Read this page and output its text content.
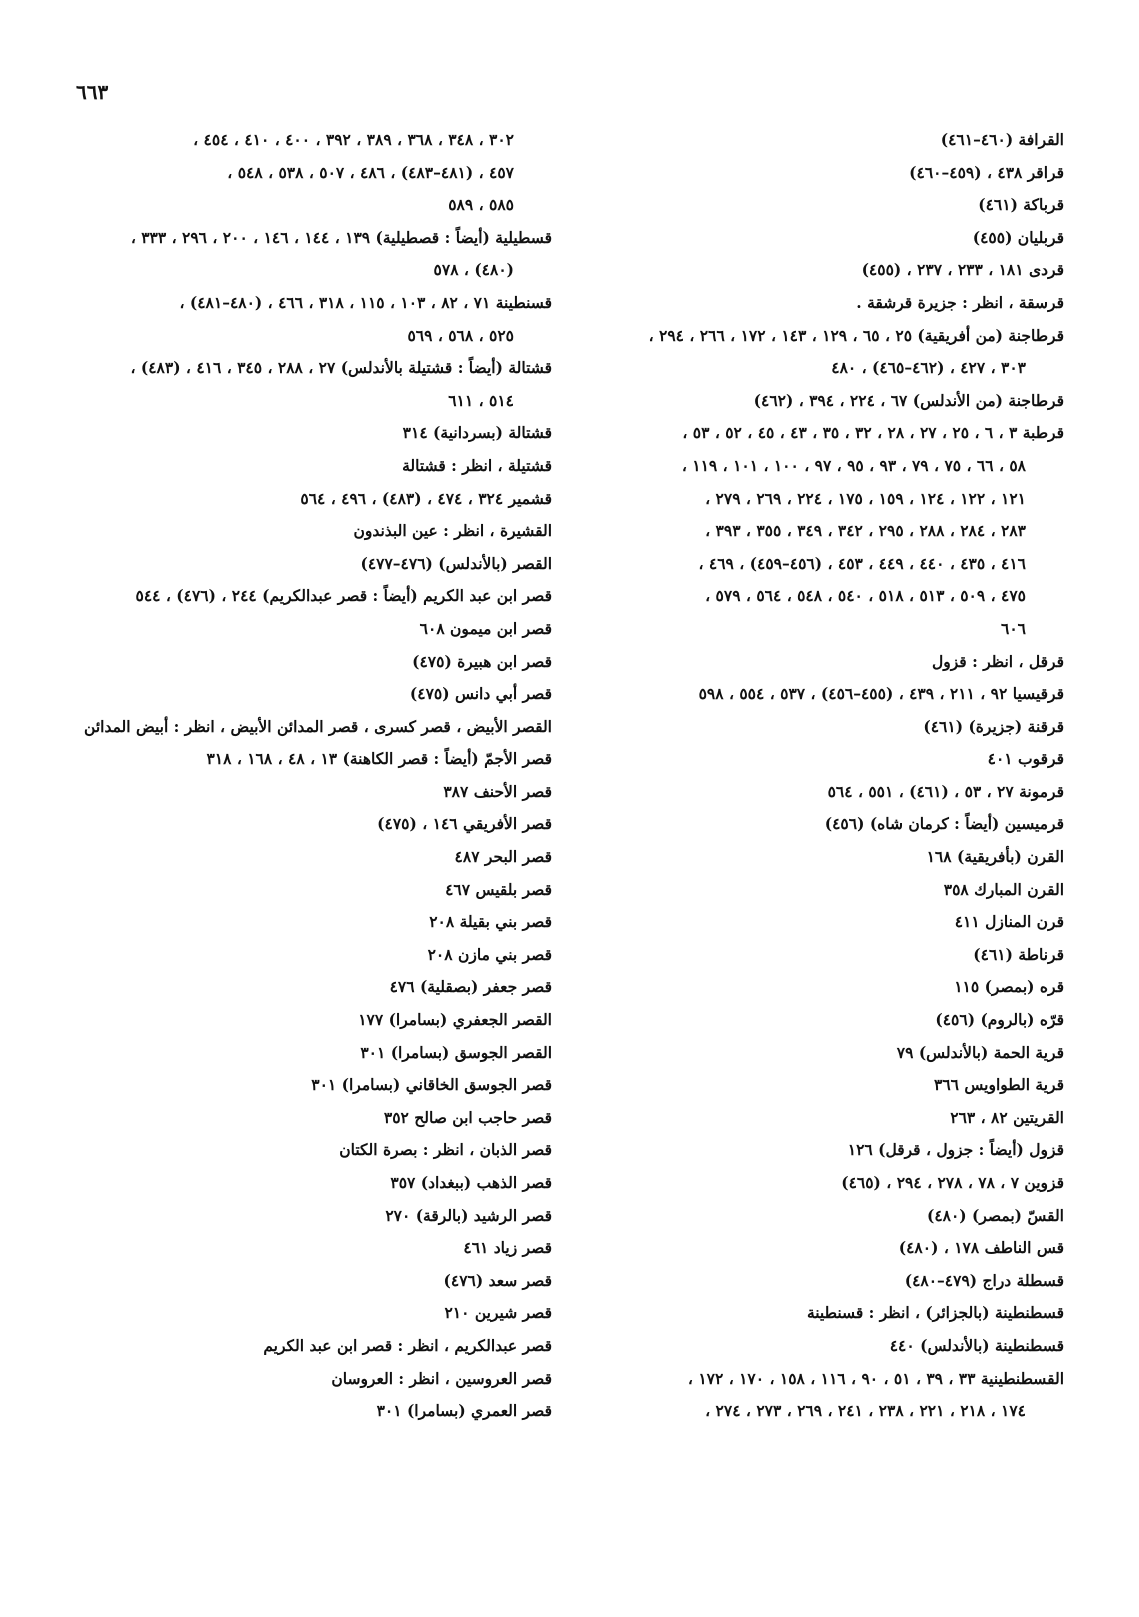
٦٦٣
القرافة (٤٦٠–٤٦١)
قراقر ٤٣٨ ، (٤٥٩–٤٦٠)
قرباكة (٤٦١)
قربليان (٤٥٥)
قردى ١٨١ ، ٢٣٣ ، ٢٣٧ ، (٤٥٥)
قرسقة ، انظر : جزيرة قرشقة .
قرطاجنة (من أفريقية) ٢٥ ، ٦٥ ، ١٢٩ ، ١٤٣ ، ١٧٢ ، ٢٦٦ ، ٢٩٤ ،
٣٠٣ ، ٤٢٧ ، (٤٦٢–٤٦٥) ، ٤٨٠
قرطاجنة (من الأندلس) ٦٧ ، ٢٢٤ ، ٣٩٤ ، (٤٦٢)
قرطبة ٣ ، ٦ ، ٢٥ ، ٢٧ ، ٢٨ ، ٣٢ ، ٣٥ ، ٤٣ ، ٤٥ ، ٥٢ ، ٥٣ ،
٥٨ ، ٦٦ ، ٧٥ ، ٧٩ ، ٩٣ ، ٩٥ ، ٩٧ ، ١٠٠ ، ١٠١ ، ١١٩ ،
١٢١ ، ١٢٢ ، ١٢٤ ، ١٥٩ ، ١٧٥ ، ٢٢٤ ، ٢٦٩ ، ٢٧٩ ،
٢٨٣ ، ٢٨٤ ، ٢٨٨ ، ٢٩٥ ، ٣٤٢ ، ٣٤٩ ، ٣٥٥ ، ٣٩٣ ،
٤١٦ ، ٤٣٥ ، ٤٤٠ ، ٤٤٩ ، ٤٥٣ ، (٤٥٦–٤٥٩) ، ٤٦٩ ،
٤٧٥ ، ٥٠٩ ، ٥١٣ ، ٥١٨ ، ٥٤٠ ، ٥٤٨ ، ٥٦٤ ، ٥٧٩ ،
٦٠٦
قرقل ، انظر : قزول
قرقيسيا ٩٢ ، ٢١١ ، ٤٣٩ ، (٤٥٥–٤٥٦) ، ٥٣٧ ، ٥٥٤ ، ٥٩٨
قرقنة (جزيرة) (٤٦١)
قرقوب ٤٠١
قرمونة ٢٧ ، ٥٣ ، (٤٦١) ، ٥٥١ ، ٥٦٤
قرميسين (أيضاً : كرمان شاه) (٤٥٦)
القرن (بأفريقية) ١٦٨
القرن المبارك ٣٥٨
قرن المنازل ٤١١
قرناطة (٤٦١)
قره (بمصر) ١١٥
قرّه (بالروم) (٤٥٦)
قرية الحمة (بالأندلس) ٧٩
قرية الطواويس ٣٦٦
القريتين ٨٢ ، ٢٦٣
قزول (أيضاً : جزول ، قرقل) ١٢٦
قزوين ٧ ، ٧٨ ، ٢٧٨ ، ٢٩٤ ، (٤٦٥)
القسّ (بمصر) (٤٨٠)
قس الناطف ١٧٨ ، (٤٨٠)
قسطلة دراج (٤٧٩–٤٨٠)
قسطنطينة (بالجزائر) ، انظر : قسنطينة
قسطنطينة (بالأندلس) ٤٤٠
القسطنطينية ٣٣ ، ٣٩ ، ٥١ ، ٩٠ ، ١١٦ ، ١٥٨ ، ١٧٠ ، ١٧٢ ،
١٧٤ ، ٢١٨ ، ٢٢١ ، ٢٣٨ ، ٢٤١ ، ٢٦٩ ، ٢٧٣ ، ٢٧٤ ،
٣٠٢ ، ٣٤٨ ، ٣٦٨ ، ٣٨٩ ، ٣٩٢ ، ٤٠٠ ، ٤١٠ ، ٤٥٤ ،
٤٥٧ ، (٤٨١–٤٨٣) ، ٤٨٦ ، ٥٠٧ ، ٥٣٨ ، ٥٤٨ ،
٥٨٥ ، ٥٨٩
قسطيلية (أيضاً : قصطيلية) ١٣٩ ، ١٤٤ ، ١٤٦ ، ٢٠٠ ، ٢٩٦ ، ٣٣٣ ،
(٤٨٠) ، ٥٧٨
قسنطينة ٧١ ، ٨٢ ، ١٠٣ ، ١١٥ ، ٣١٨ ، ٤٦٦ ، (٤٨٠–٤٨١) ،
٥٢٥ ، ٥٦٨ ، ٥٦٩
قشتالة (أيضاً : قشتيلة بالأندلس) ٢٧ ، ٢٨٨ ، ٣٤٥ ، ٤١٦ ، (٤٨٣) ،
٥١٤ ، ٦١١
قشتالة (بسردانية) ٣١٤
قشتيلة ، انظر : قشتالة
قشمير ٣٢٤ ، ٤٧٤ ، (٤٨٣) ، ٤٩٦ ، ٥٦٤
القشيرة ، انظر : عين البذندون
القصر (بالأندلس) (٤٧٦–٤٧٧)
قصر ابن عبد الكريم (أيضاً : قصر عبدالكريم) ٢٤٤ ، (٤٧٦) ، ٥٤٤
قصر ابن ميمون ٦٠٨
قصر ابن هبيرة (٤٧٥)
قصر أبي دانس (٤٧٥)
القصر الأبيض ، قصر كسرى ، قصر المدائن الأبيض ، انظر : أبيض المدائن
قصر الأجمّ (أيضاً : قصر الكاهنة) ١٣ ، ٤٨ ، ١٦٨ ، ٣١٨
قصر الأحنف ٣٨٧
قصر الأفريقي ١٤٦ ، (٤٧٥)
قصر البحر ٤٨٧
قصر بلقيس ٤٦٧
قصر بني بقيلة ٢٠٨
قصر بني مازن ٢٠٨
قصر جعفر (بصقلية) ٤٧٦
القصر الجعفري (بسامرا) ١٧٧
القصر الجوسق (بسامرا) ٣٠١
قصر الجوسق الخاقاني (بسامرا) ٣٠١
قصر حاجب ابن صالح ٣٥٢
قصر الذبان ، انظر : بصرة الكتان
قصر الذهب (ببغداد) ٣٥٧
قصر الرشيد (بالرقة) ٢٧٠
قصر زياد ٤٦١
قصر سعد (٤٧٦)
قصر شيرين ٢١٠
قصر عبدالكريم ، انظر : قصر ابن عبد الكريم
قصر العروسين ، انظر : العروسان
قصر العمري (بسامرا) ٣٠١
